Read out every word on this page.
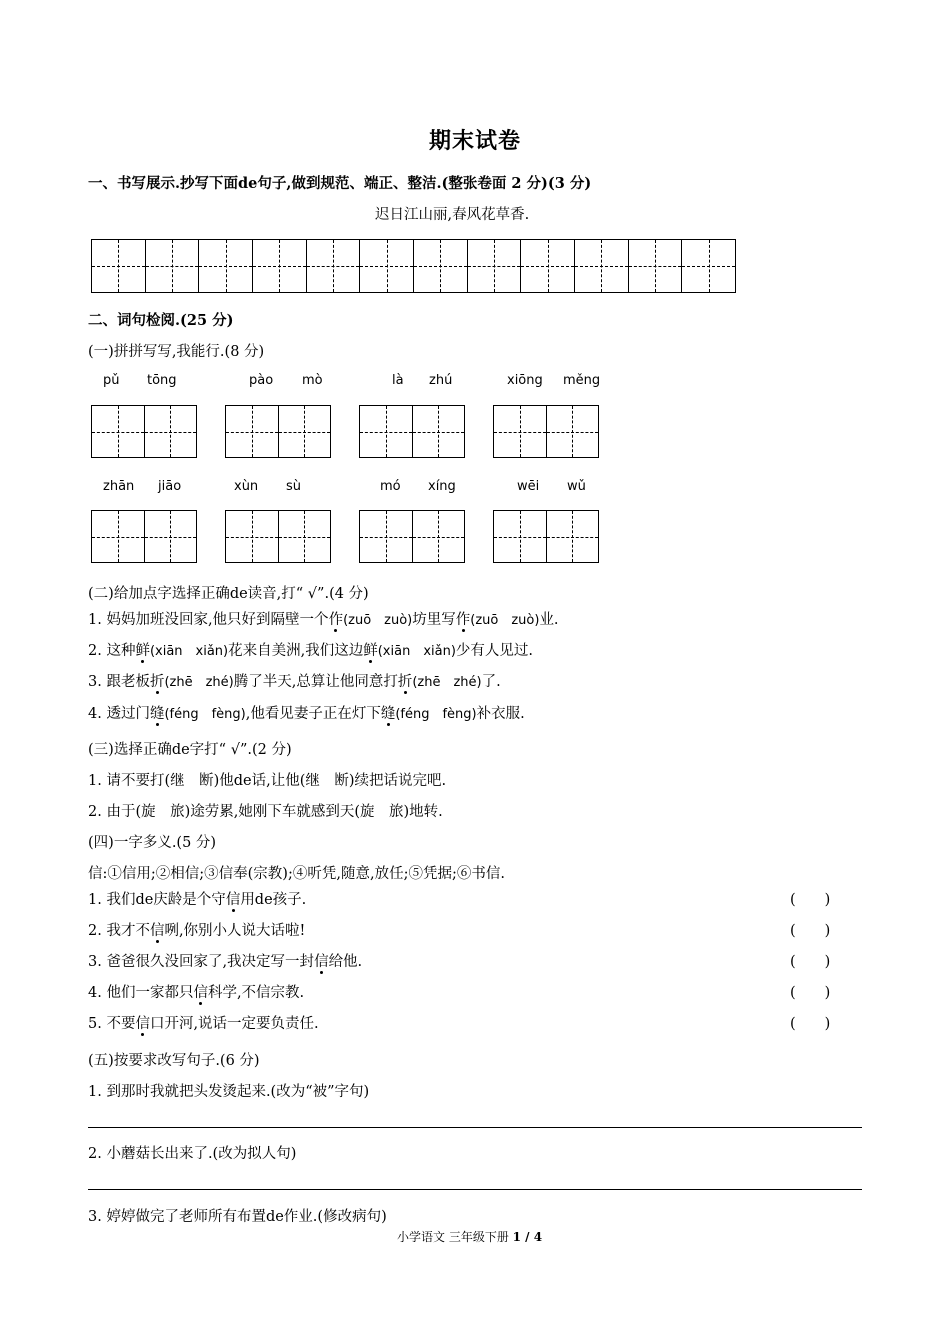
期末试卷
一、书写展示.抄写下面de句子,做到规范、端正、整洁.(整张卷面 2 分)(3 分)
迟日江山丽,春风花草香.
二、词句检阅.(25 分)
(一)拼拼写写,我能行.(8 分)
pǔ tōng	pào mò	là zhú	xiōng měng
zhān jiāo	xùn sù	mó xíng	wēi wǔ
(二)给加点字选择正确de读音,打“ √”.(4 分)
1. 妈妈加班没回家,他只好到隔壁一个作(zuō　zuò)坊里写作(zuō　zuò)业.
2. 这种鲜(xiān　xiǎn)花来自美洲,我们这边鲜(xiān　xiǎn)少有人见过.
3. 跟老板折(zhē　zhé)腾了半天,总算让他同意打折(zhē　zhé)了.
4. 透过门缝(féng　fèng),他看见妻子正在灯下缝(féng　fèng)补衣服.
(三)选择正确de字打“ √”.(2 分)
1. 请不要打(继　断)他de话,让他(继　断)续把话说完吧.
2. 由于(旋　旅)途劳累,她刚下车就感到天(旋　旅)地转.
(四)一字多义.(5 分)
信:①信用;②相信;③信奉(宗教);④听凭,随意,放任;⑤凭据;⑥书信.
1. 我们de庆龄是个守信用de孩子.	(　　)
2. 我才不信咧,你别小人说大话啦!	(　　)
3. 爸爸很久没回家了,我决定写一封信给他.	(　　)
4. 他们一家都只信科学,不信宗教.	(　　)
5. 不要信口开河,说话一定要负责任.	(　　)
(五)按要求改写句子.(6 分)
1. 到那时我就把头发烫起来.(改为“被”字句)
2. 小蘑菇长出来了.(改为拟人句)
3. 婷婷做完了老师所有布置de作业.(修改病句)
小学语文 三年级下册 1 / 4
